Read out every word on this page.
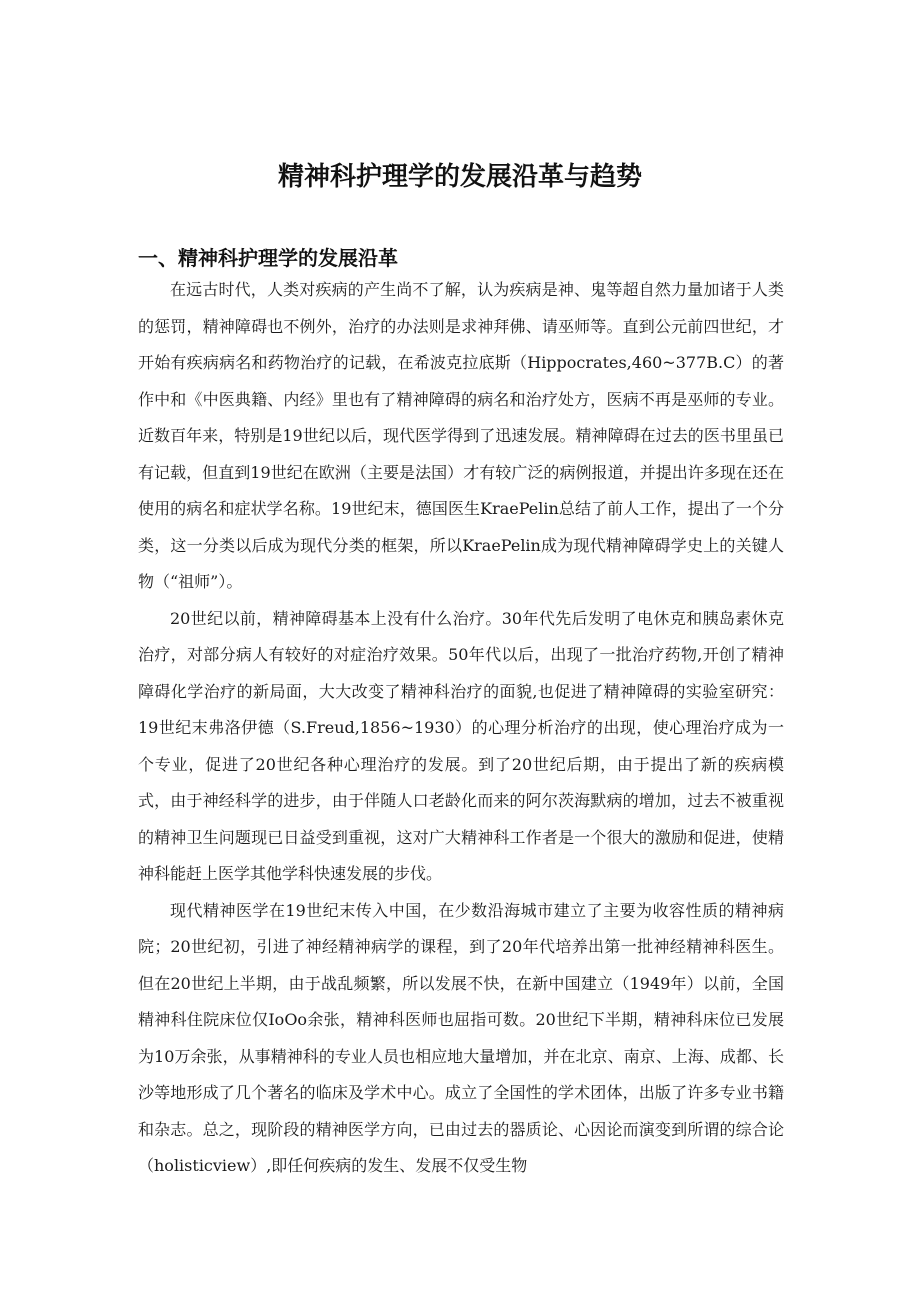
精神科护理学的发展沿革与趋势
一、精神科护理学的发展沿革

在远古时代，人类对疾病的产生尚不了解，认为疾病是神、鬼等超自然力量加诸于人类的惩罚，精神障碍也不例外，治疗的办法则是求神拜佛、请巫师等。直到公元前四世纪，才开始有疾病病名和药物治疗的记载，在希波克拉底斯（Hippocrates,460~377B.C）的著作中和《中医典籍、内经》里也有了精神障碍的病名和治疗处方，医病不再是巫师的专业。近数百年来，特别是19世纪以后，现代医学得到了迅速发展。精神障碍在过去的医书里虽已有记载，但直到19世纪在欧洲（主要是法国）才有较广泛的病例报道，并提出许多现在还在使用的病名和症状学名称。19世纪末，德国医生KraePelin总结了前人工作，提出了一个分类，这一分类以后成为现代分类的框架，所以KraePelin成为现代精神障碍学史上的关键人物（“祖师”）。

20世纪以前，精神障碍基本上没有什么治疗。30年代先后发明了电休克和胰岛素休克治疗，对部分病人有较好的对症治疗效果。50年代以后，出现了一批治疗药物,开创了精神障碍化学治疗的新局面，大大改变了精神科治疗的面貌,也促进了精神障碍的实验室研究：19世纪末弗洛伊德（S.Freud,1856~1930）的心理分析治疗的出现，使心理治疗成为一个专业，促进了20世纪各种心理治疗的发展。到了20世纪后期，由于提出了新的疾病模式，由于神经科学的进步，由于伴随人口老龄化而来的阿尔茨海默病的增加，过去不被重视的精神卫生问题现已日益受到重视，这对广大精神科工作者是一个很大的激励和促进，使精神科能赶上医学其他学科快速发展的步伐。

现代精神医学在19世纪末传入中国，在少数沿海城市建立了主要为收容性质的精神病院；20世纪初，引进了神经精神病学的课程，到了20年代培养出第一批神经精神科医生。但在20世纪上半期，由于战乱频繁，所以发展不快，在新中国建立（1949年）以前，全国精神科住院床位仅IoOo余张，精神科医师也屈指可数。20世纪下半期，精神科床位已发展为10万余张，从事精神科的专业人员也相应地大量增加，并在北京、南京、上海、成都、长沙等地形成了几个著名的临床及学术中心。成立了全国性的学术团体，出版了许多专业书籍和杂志。总之，现阶段的精神医学方向，已由过去的器质论、心因论而演变到所谓的综合论（holisticview）,即任何疾病的发生、发展不仅受生物
